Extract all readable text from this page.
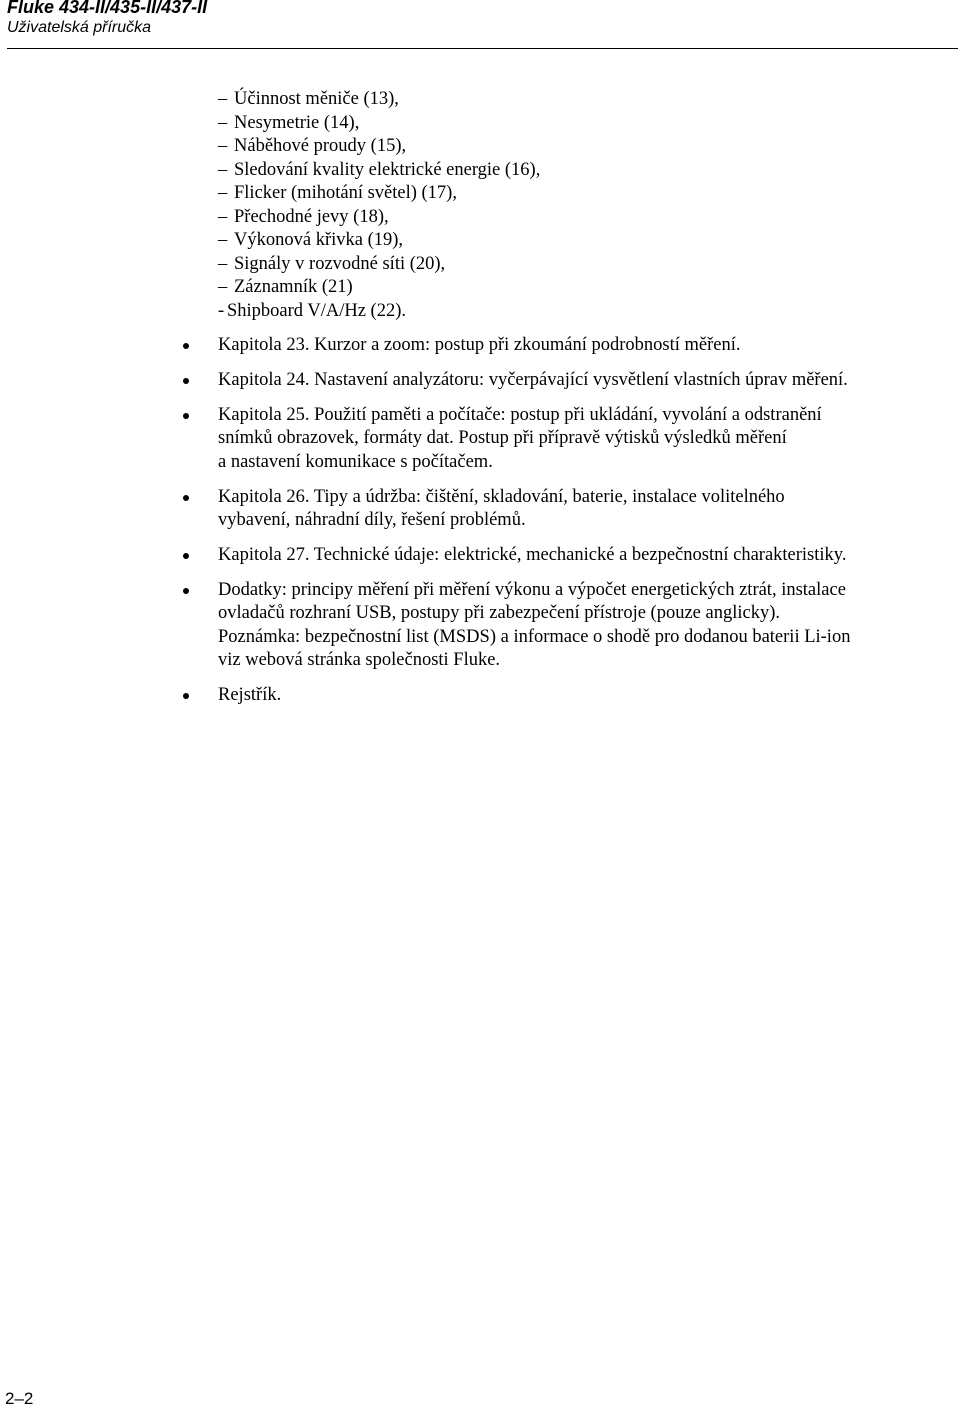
Fluke 434-II/435-II/437-II
Uživatelská příručka
– Účinnost měniče (13),
– Nesymetrie (14),
– Náběhové proudy (15),
– Sledování kvality elektrické energie (16),
– Flicker (mihotání světel) (17),
– Přechodné jevy (18),
– Výkonová křivka (19),
– Signály v rozvodné síti (20),
– Záznamník (21)
- Shipboard V/A/Hz (22).
Kapitola 23. Kurzor a zoom: postup při zkoumání podrobností měření.
Kapitola 24. Nastavení analyzátoru: vyčerpávající vysvětlení vlastních úprav měření.
Kapitola 25. Použití paměti a počítače: postup při ukládání, vyvolání a odstranění
snímků obrazovek, formáty dat. Postup při přípravě výtisků výsledků měření
a nastavení komunikace s počítačem.
Kapitola 26. Tipy a údržba: čištění, skladování, baterie, instalace volitelného
vybavení, náhradní díly, řešení problémů.
Kapitola 27. Technické údaje: elektrické, mechanické a bezpečnostní charakteristiky.
Dodatky: principy měření při měření výkonu a výpočet energetických ztrát, instalace
ovladačů rozhraní USB, postupy při zabezpečení přístroje (pouze anglicky).
Poznámka: bezpečnostní list (MSDS) a informace o shodě pro dodanou baterii Li-ion
viz webová stránka společnosti Fluke.
Rejstřík.
2–2
